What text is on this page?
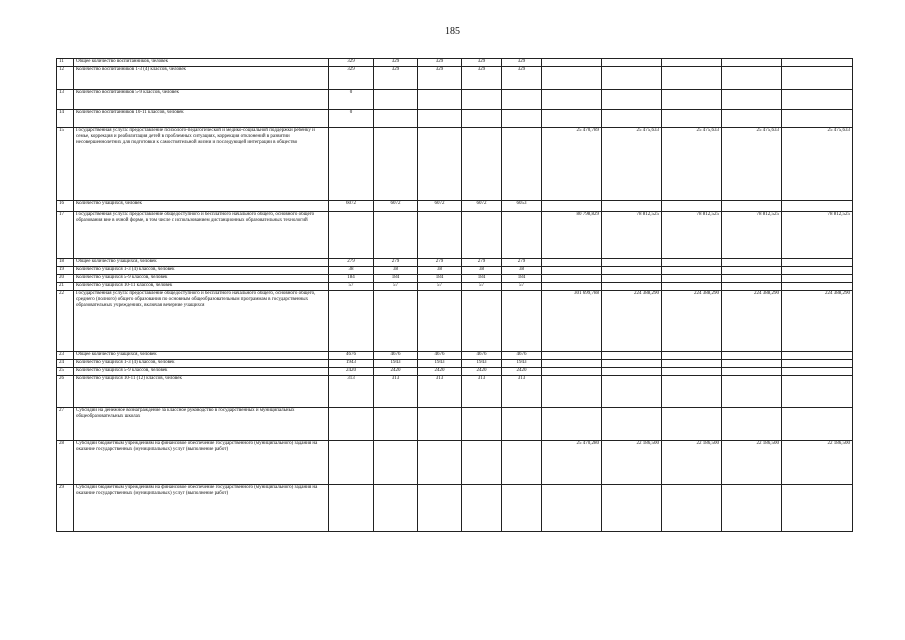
185
11	Общее количество воспитанников, человек	329	329	329	329	329					
12	Количество воспитанников 1-3 (4) классов, человек	329	329	329	329	329					
13	Количество воспитанников 5-9 классов, человек	0									
14	Количество воспитанников 10-11 классов, человек	0									
15	Государственная услуга: предоставление психолого-педагогической и медико-социальной поддержки ребенку и семье, коррекция и реабилитация детей в проблемных ситуациях, коррекция отклонений в развитии несовершеннолетних для подготовки к самостоятельной жизни и последующей интеграции в общество						25 470,789	25 475,633	25 475,633	25 475,633	25 475,633
16	Количество учащихся, человек	6072	6072	6072	6072	6053					
17	Государственная услуга: предоставление общедоступного и бесплатного начального общего, основного общего образования вне в очной форме, в том числе с использованием дистанционных образовательных технологий						80 798,829	78 812,525	78 812,525	78 812,525	78 812,525
18	Общее количество учащихся, человек	279	279	279	279	279					
19	Количество учащихся 1-3 (4) классов, человек	38	38	38	38	38					
20	Количество учащихся 5-9 классов, человек	184	184	184	184	184					
21	Количество учащихся 10-11 классов, человек	57	57	57	57	57					
22	Государственная услуга: предоставление общедоступного и бесплатного начального общего, основного общего, среднего (полного) общего образования по основным общеобразовательным программам в государственных образовательных учреждениях, включая вечерние учащихся						301 699,788	224 388,290	224 388,290	224 388,290	224 388,290
23	Общее количество учащихся, человек	4676	4676	4676	4676	4676					
24	Количество учащихся 1-3 (4) классов, человек	1943	1943	1943	1943	1943					
25	Количество учащихся 5-9 классов, человек	2420	2420	2420	2420	2420					
26	Количество учащихся 10-11 (12) классов, человек	313	313	313	313	313					
27	Субсидии на денежное вознаграждение за классное руководство в государственных и муниципальных общеобразовательных школах										
28	Субсидии бюджетным учреждениям на финансовое обеспечение государственного (муниципального) задания на оказание государственных (муниципальных) услуг (выполнение работ)						25 470,280	22 186,500	22 186,500	22 186,500	22 186,500
29	Субсидии бюджетным учреждениям на финансовое обеспечение государственного (муниципального) задания на оказание государственных (муниципальных) услуг (выполнение работ)										
